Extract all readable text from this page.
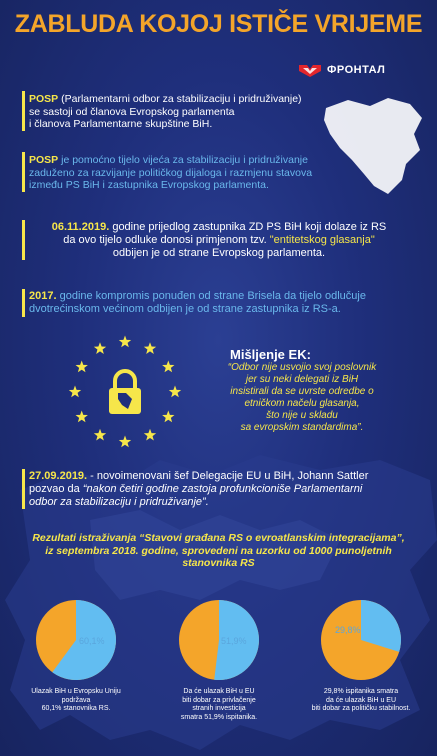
ZABLUDA KOJOJ ISTIČE VRIJEME
ФРОНТАЛ
POSP (Parlamentarni odbor za stabilizaciju i pridruživanje)
se sastoji od članova Evropskog parlamenta
i članova Parlamentarne skupštine BiH.
POSP je pomoćno tijelo vijeća za stabilizaciju i pridruživanje
zaduženo za razvijanje političkog dijaloga i razmjenu stavova
između PS BiH i zastupnika Evropskog parlamenta.
06.11.2019. godine prijedlog zastupnika ZD PS BiH koji dolaze iz RS
da ovo tijelo odluke donosi primjenom tzv. "entitetskog glasanja"
odbijen je od strane Evropskog parlamenta.
2017. godine kompromis ponuđen od strane Brisela da tijelo odlučuje
dvotrećinskom većinom odbijen je od strane zastupnika iz RS-a.
Mišljenje EK:
“Odbor nije usvojio svoj poslovnik
jer su neki delegati iz BiH
insistirali da se uvrste odredbe o
etničkom načelu glasanja,
što nije u skladu
sa evropskim standardima”.
27.09.2019. - novoimenovani šef Delegacije EU u BiH, Johann Sattler
pozvao da “nakon četiri godine zastoja profunkcioniše Parlamentarni
odbor za stabilizaciju i pridruživanje”.
Rezultati istraživanja “Stavovi građana RS o evroatlanskim integracijama”,
iz septembra 2018. godine, sprovedeni na uzorku od 1000 punoljetnih
stanovnika RS
60,1%	51,9%
29,8%
Ulazak BiH u Evropsku Uniju
podržava
60,1% stanovnika RS.
Da će ulazak BiH u EU
biti dobar za privlačenje
stranih investicija
smatra 51,9% ispitanika.
29,8% ispitanika smatra
da će ulazak BiH u EU
biti dobar za političku stabilnost.
